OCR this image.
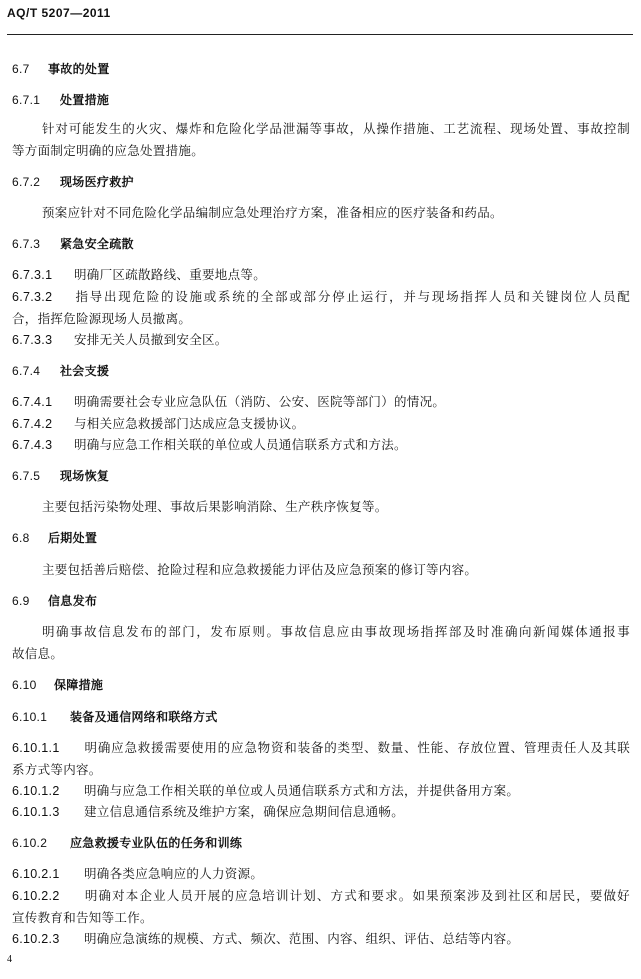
AQ/T 5207—2011
6.7 事故的处置
6.7.1 处置措施
针对可能发生的火灾、爆炸和危险化学品泄漏等事故，从操作措施、工艺流程、现场处置、事故控制
等方面制定明确的应急处置措施。
6.7.2 现场医疗救护
预案应针对不同危险化学品编制应急处理治疗方案，准备相应的医疗装备和药品。
6.7.3 紧急安全疏散
6.7.3.1 明确厂区疏散路线、重要地点等。
6.7.3.2 指导出现危险的设施或系统的全部或部分停止运行，并与现场指挥人员和关键岗位人员配
合，指挥危险源现场人员撤离。
6.7.3.3 安排无关人员撤到安全区。
6.7.4 社会支援
6.7.4.1 明确需要社会专业应急队伍（消防、公安、医院等部门）的情况。
6.7.4.2 与相关应急救援部门达成应急支援协议。
6.7.4.3 明确与应急工作相关联的单位或人员通信联系方式和方法。
6.7.5 现场恢复
主要包括污染物处理、事故后果影响消除、生产秩序恢复等。
6.8 后期处置
主要包括善后赔偿、抢险过程和应急救援能力评估及应急预案的修订等内容。
6.9 信息发布
明确事故信息发布的部门，发布原则。事故信息应由事故现场指挥部及时准确向新闻媒体通报事
故信息。
6.10 保障措施
6.10.1 装备及通信网络和联络方式
6.10.1.1 明确应急救援需要使用的应急物资和装备的类型、数量、性能、存放位置、管理责任人及其联
系方式等内容。
6.10.1.2 明确与应急工作相关联的单位或人员通信联系方式和方法，并提供备用方案。
6.10.1.3 建立信息通信系统及维护方案，确保应急期间信息通畅。
6.10.2 应急救援专业队伍的任务和训练
6.10.2.1 明确各类应急响应的人力资源。
6.10.2.2 明确对本企业人员开展的应急培训计划、方式和要求。如果预案涉及到社区和居民，要做好
宣传教育和告知等工作。
6.10.2.3 明确应急演练的规模、方式、频次、范围、内容、组织、评估、总结等内容。
4
